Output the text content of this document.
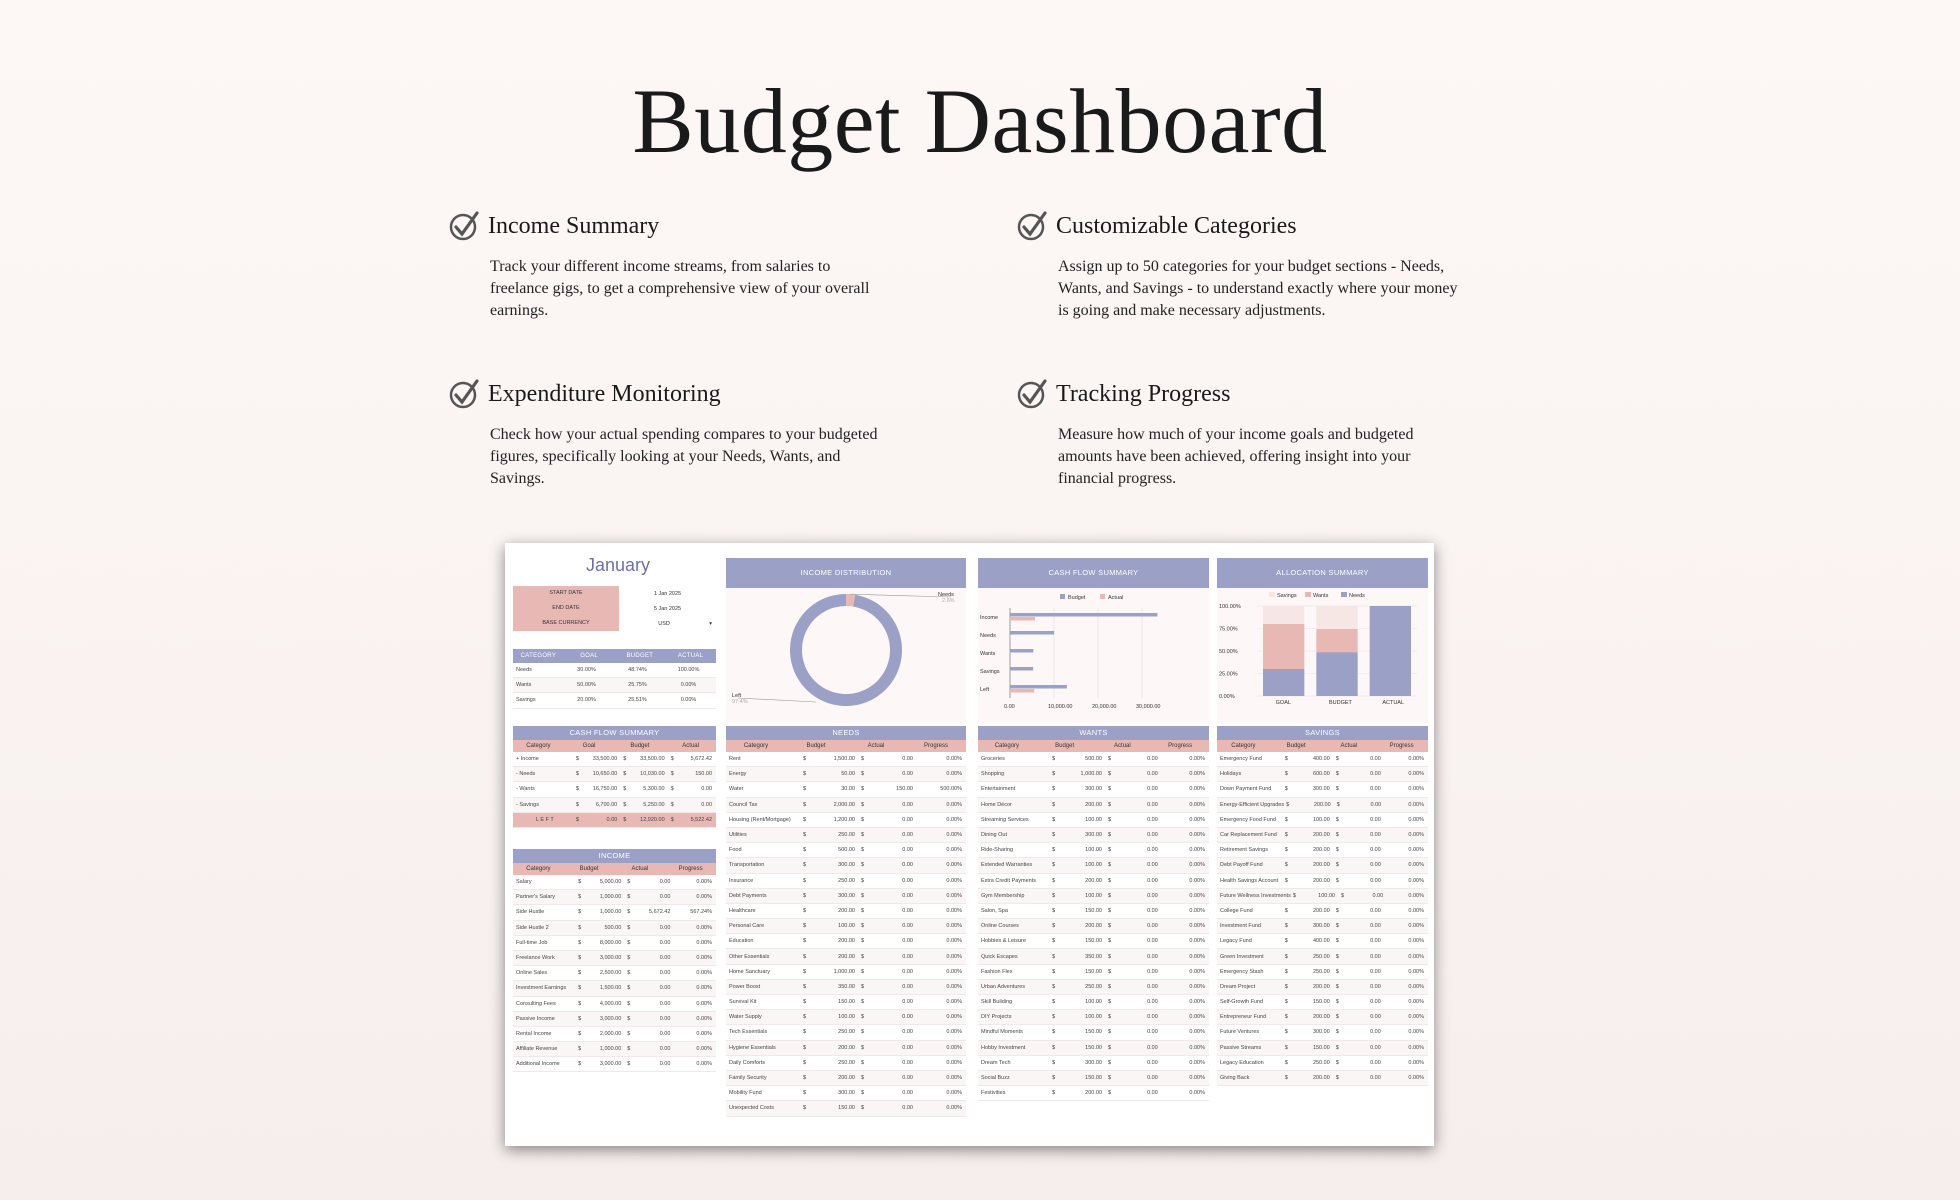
Budget Dashboard
Income Summary
Track your different income streams, from salaries to freelance gigs, to get a comprehensive view of your overall earnings.
Customizable Categories
Assign up to 50 categories for your budget sections - Needs, Wants, and Savings - to understand exactly where your money is going and make necessary adjustments.
Expenditure Monitoring
Check how your actual spending compares to your budgeted figures, specifically looking at your Needs, Wants, and Savings.
Tracking Progress
Measure how much of your income goals and budgeted amounts have been achieved, offering insight into your financial progress.
January
START DATE	1 Jan 2025
END DATE	5 Jan 2025
BASE CURRENCY	USD	▾
CATEGORY	GOAL	BUDGET	ACTUAL
Needs	30.00%	48.74%	100.00%
Wants	50.00%	25.75%	0.00%
Savings	20.00%	25.51%	0.00%
INCOME DISTRIBUTION
Needs
2.6%
Left
97.4%
CASH FLOW SUMMARY
Budget	Actual
0.00	10,000.00	20,000.00	30,000.00
Income
Needs
Wants
Savings
Left
ALLOCATION SUMMARY
Savings	Wants	Needs
0.00%
25.00%
50.00%
75.00%
100.00%
GOAL	BUDGET	ACTUAL
CASH FLOW SUMMARY
Category	Goal	Budget	Actual
+ Income	$	33,500.00	$	33,500.00	$	5,672.42
- Needs	$	10,650.00	$	10,030.00	$	150.00
- Wants	$	16,750.00	$	5,300.00	$	0.00
- Savings	$	6,700.00	$	5,250.00	$	0.00
L E F T	$	0.00	$	12,920.00	$	5,522.42
INCOME
Category	Budget	Actual	Progress
Salary	$	5,000.00	$	0.00	0.00%
Partner's Salary	$	1,000.00	$	0.00	0.00%
Side Hustle	$	1,000.00	$	5,672.42	567.24%
Side Hustle 2	$	500.00	$	0.00	0.00%
Full-time Job	$	8,000.00	$	0.00	0.00%
Freelance Work	$	3,000.00	$	0.00	0.00%
Online Sales	$	2,500.00	$	0.00	0.00%
Investment Earnings	$	1,500.00	$	0.00	0.00%
Consulting Fees	$	4,000.00	$	0.00	0.00%
Passive Income	$	3,000.00	$	0.00	0.00%
Rental Income	$	2,000.00	$	0.00	0.00%
Affiliate Revenue	$	1,000.00	$	0.00	0.00%
Additional Income	$	3,000.00	$	0.00	0.00%
NEEDS
Category	Budget	Actual	Progress
Rent	$	1,500.00	$	0.00	0.00%
Energy	$	50.00	$	0.00	0.00%
Water	$	30.00	$	150.00	500.00%
Council Tax	$	2,000.00	$	0.00	0.00%
Housing (Rent/Mortgage)	$	1,200.00	$	0.00	0.00%
Utilities	$	250.00	$	0.00	0.00%
Food	$	500.00	$	0.00	0.00%
Transportation	$	300.00	$	0.00	0.00%
Insurance	$	250.00	$	0.00	0.00%
Debt Payments	$	300.00	$	0.00	0.00%
Healthcare	$	200.00	$	0.00	0.00%
Personal Care	$	100.00	$	0.00	0.00%
Education	$	200.00	$	0.00	0.00%
Other Essentials	$	200.00	$	0.00	0.00%
Home Sanctuary	$	1,000.00	$	0.00	0.00%
Power Boost	$	350.00	$	0.00	0.00%
Survival Kit	$	150.00	$	0.00	0.00%
Water Supply	$	100.00	$	0.00	0.00%
Tech Essentials	$	250.00	$	0.00	0.00%
Hygiene Essentials	$	200.00	$	0.00	0.00%
Daily Comforts	$	250.00	$	0.00	0.00%
Family Security	$	200.00	$	0.00	0.00%
Mobility Fund	$	300.00	$	0.00	0.00%
Unexpected Costs	$	150.00	$	0.00	0.00%
WANTS
Category	Budget	Actual	Progress
Groceries	$	500.00	$	0.00	0.00%
Shopping	$	1,000.00	$	0.00	0.00%
Entertainment	$	300.00	$	0.00	0.00%
Home Décor	$	200.00	$	0.00	0.00%
Streaming Services	$	100.00	$	0.00	0.00%
Dining Out	$	300.00	$	0.00	0.00%
Ride-Sharing	$	100.00	$	0.00	0.00%
Extended Warranties	$	100.00	$	0.00	0.00%
Extra Credit Payments	$	200.00	$	0.00	0.00%
Gym Membership	$	100.00	$	0.00	0.00%
Salon, Spa	$	150.00	$	0.00	0.00%
Online Courses	$	200.00	$	0.00	0.00%
Hobbies & Leisure	$	150.00	$	0.00	0.00%
Quick Escapes	$	350.00	$	0.00	0.00%
Fashion Flex	$	150.00	$	0.00	0.00%
Urban Adventures	$	250.00	$	0.00	0.00%
Skill Building	$	100.00	$	0.00	0.00%
DIY Projects	$	100.00	$	0.00	0.00%
Mindful Moments	$	150.00	$	0.00	0.00%
Hobby Investment	$	150.00	$	0.00	0.00%
Dream Tech	$	300.00	$	0.00	0.00%
Social Buzz	$	150.00	$	0.00	0.00%
Festivities	$	200.00	$	0.00	0.00%
SAVINGS
Category	Budget	Actual	Progress
Emergency Fund	$	400.00	$	0.00	0.00%
Holidays	$	600.00	$	0.00	0.00%
Down Payment Fund	$	300.00	$	0.00	0.00%
Energy-Efficient Upgrades $	200.00	$	0.00	0.00%
Emergency Food Fund	$	100.00	$	0.00	0.00%
Car Replacement Fund	$	200.00	$	0.00	0.00%
Retirement Savings	$	200.00	$	0.00	0.00%
Debt Payoff Fund	$	200.00	$	0.00	0.00%
Health Savings Account	$	200.00	$	0.00	0.00%
Future Wellness Investments $	100.00	$	0.00	0.00%
College Fund	$	200.00	$	0.00	0.00%
Investment Fund	$	300.00	$	0.00	0.00%
Legacy Fund	$	400.00	$	0.00	0.00%
Green Investment	$	250.00	$	0.00	0.00%
Emergency Stash	$	250.00	$	0.00	0.00%
Dream Project	$	200.00	$	0.00	0.00%
Self-Growth Fund	$	150.00	$	0.00	0.00%
Entrepreneur Fund	$	200.00	$	0.00	0.00%
Future Ventures	$	300.00	$	0.00	0.00%
Passive Streams	$	150.00	$	0.00	0.00%
Legacy Education	$	250.00	$	0.00	0.00%
Giving Back	$	200.00	$	0.00	0.00%
